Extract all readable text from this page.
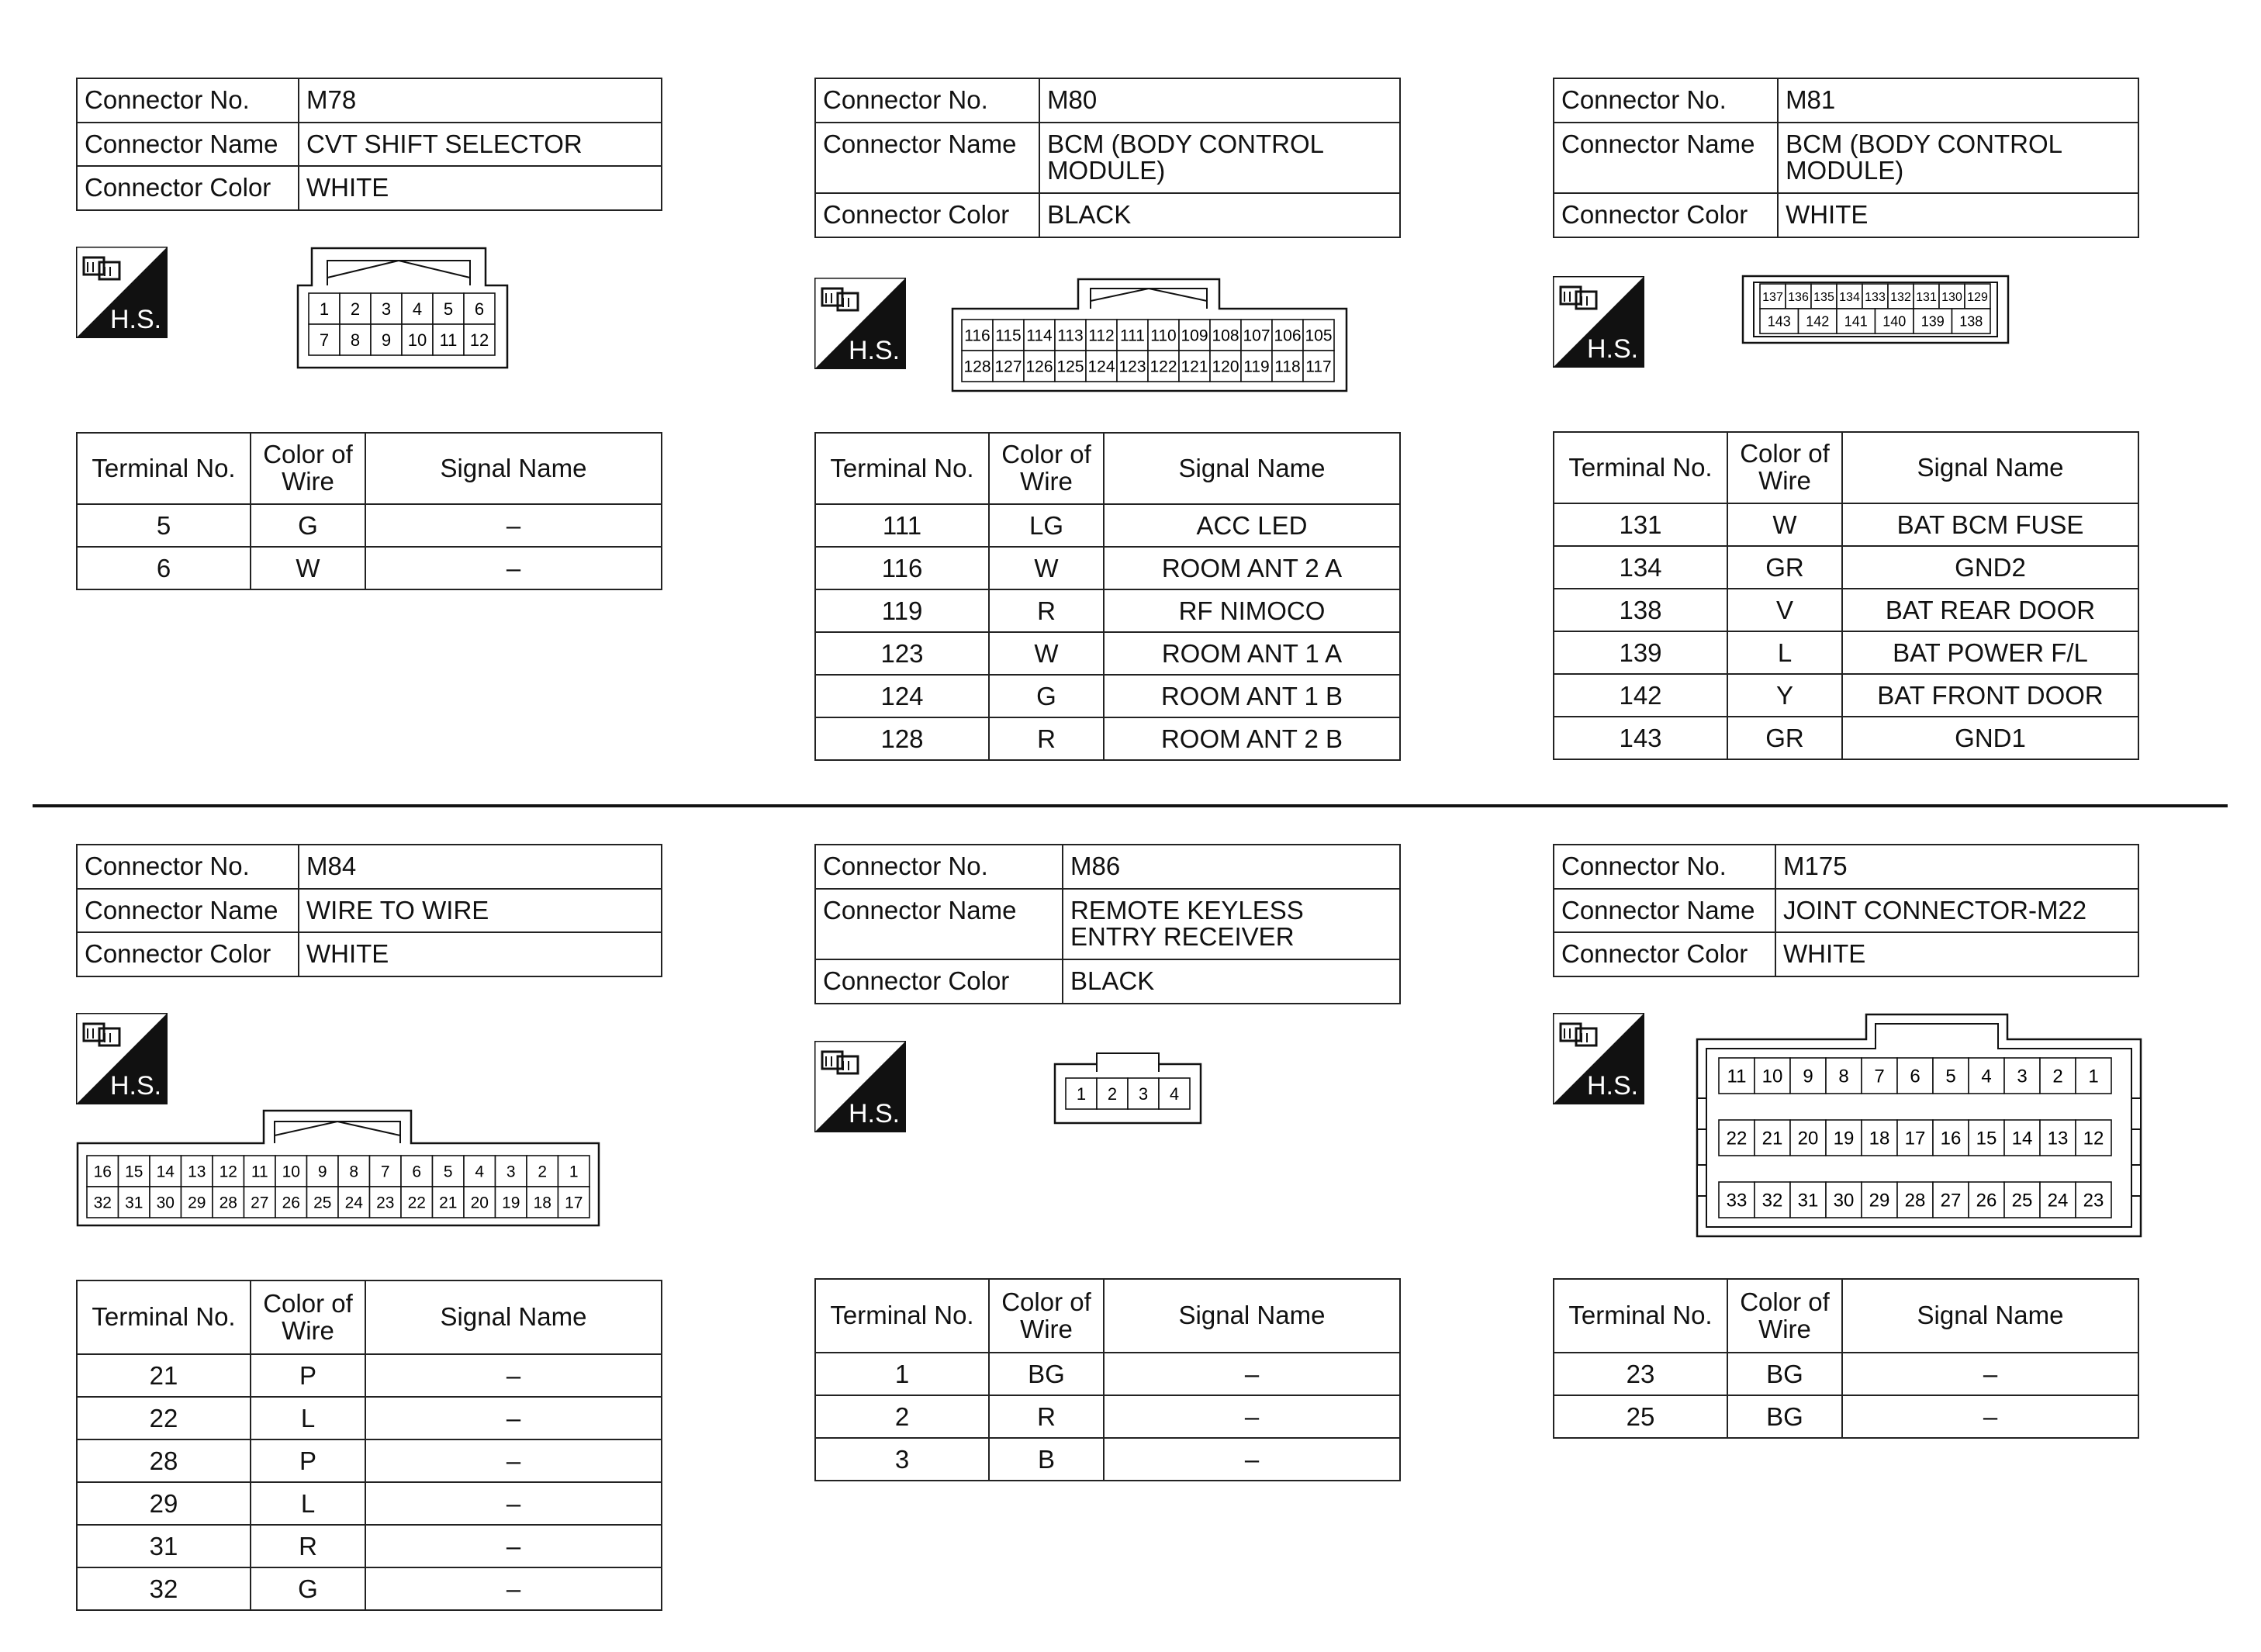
Connector No.	M78
Connector Name	CVT SHIFT SELECTOR
Connector Color	WHITE
H.S.	1 2 3 4 5 6
7 8 9 10 11 12
Terminal No.	Color of Wire	Signal Name
5	G	–
6	W	–
Connector No.	M80
Connector Name	BCM (BODY CONTROL MODULE)
Connector Color	BLACK
H.S.	116 115 114 113 112 111 110 109 108 107 106 105
128 127 126 125 124 123 122 121 120 119 118 117
Terminal No.	Color of Wire	Signal Name
111	LG	ACC LED
116	W	ROOM ANT 2 A
119	R	RF NIMOCO
123	W	ROOM ANT 1 A
124	G	ROOM ANT 1 B
128	R	ROOM ANT 2 B
Connector No.	M81
Connector Name	BCM (BODY CONTROL MODULE)
Connector Color	WHITE
H.S.
137 136 135 134 133 132 131 130 129
143 142 141 140 139 138
Terminal No.	Color of Wire	Signal Name
131	W	BAT BCM FUSE
134	GR	GND2
138	V	BAT REAR DOOR
139	L	BAT POWER F/L
142	Y	BAT FRONT DOOR
143	GR	GND1
Connector No.	M84
Connector Name	WIRE TO WIRE
Connector Color	WHITE
H.S.
16 15 14 13 12 11 10 9 8 7 6 5 4 3 2 1
32 31 30 29 28 27 26 25 24 23 22 21 20 19 18 17
Terminal No.	Color of Wire	Signal Name
21	P	–
22	L	–
28	P	–
29	L	–
31	R	–
32	G	–
Connector No.	M86
Connector Name	REMOTE KEYLESS ENTRY RECEIVER
Connector Color	BLACK
H.S.
1 2 3 4
Terminal No.	Color of Wire	Signal Name
1	BG	–
2	R	–
3	B	–
Connector No.	M175
Connector Name	JOINT CONNECTOR-M22
Connector Color	WHITE
H.S.	11 10 9 8 7 6 5 4 3 2 1
22 21 20 19 18 17 16 15 14 13 12
33 32 31 30 29 28 27 26 25 24 23
Terminal No.	Color of Wire	Signal Name
23	BG	–
25	BG	–
